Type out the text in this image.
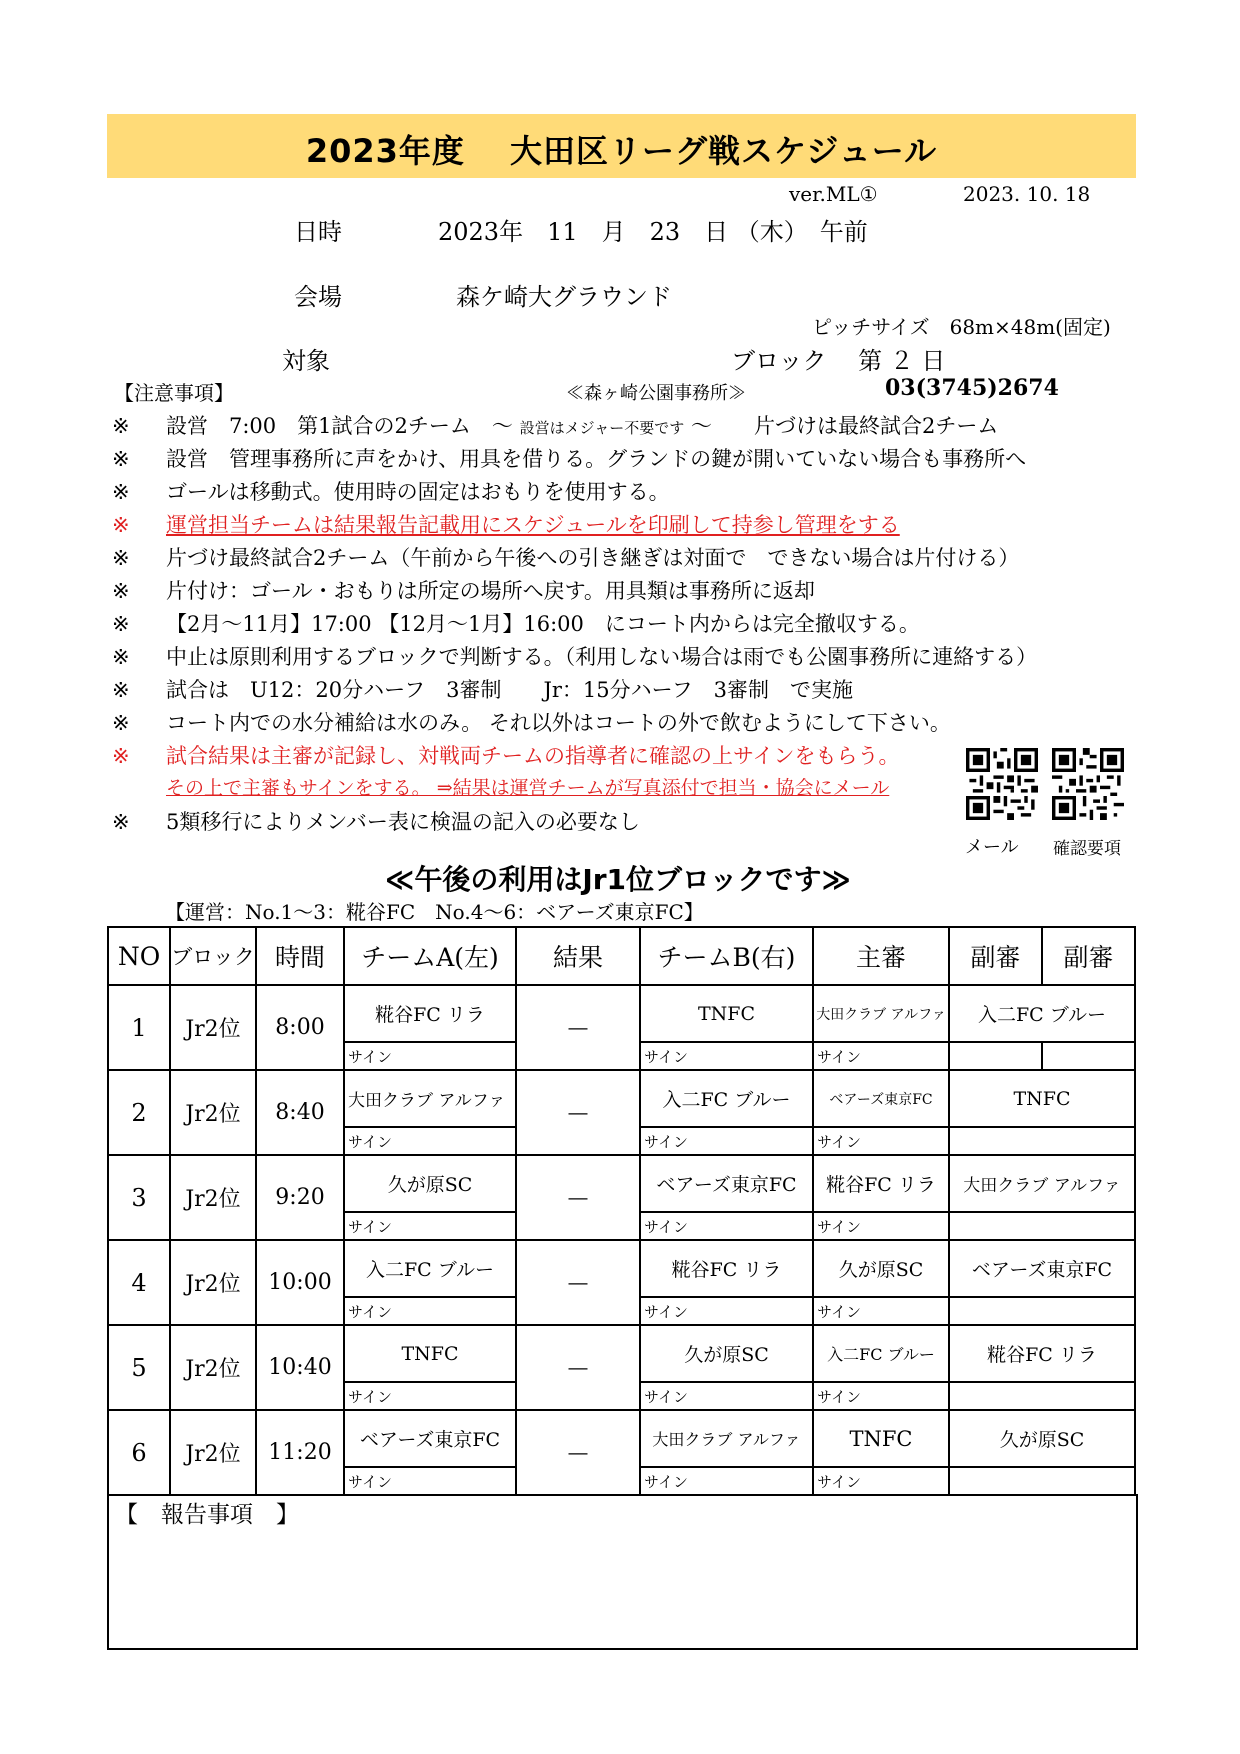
2023年度　 大田区リーグ戦スケジュール
ver.ML①	2023. 10. 18
日時	2023年　11　月　23　日 （木）　午前
会場	森ケ崎大グラウンド
ピッチサイズ　68m×48m(固定)
対象	ブロック　 第 ２ 日
【注意事項】	≪森ヶ崎公園事務所≫	03(3745)2674
※ 設営　7:00　第1試合の2チーム　～ 設営はメジャー不要です ～　　片づけは最終試合2チーム
※ 設営　管理事務所に声をかけ、用具を借りる。グランドの鍵が開いていない場合も事務所へ
※ ゴールは移動式。使用時の固定はおもりを使用する。
※ 運営担当チームは結果報告記載用にスケジュールを印刷して持参し管理をする
※ 片づけ最終試合2チーム（午前から午後への引き継ぎは対面で　できない場合は片付ける）
※ 片付け：ゴール・おもりは所定の場所へ戻す。用具類は事務所に返却
※ 【2月～11月】17:00 【12月～1月】16:00　にコート内からは完全撤収する。
※ 中止は原則利用するブロックで判断する。（利用しない場合は雨でも公園事務所に連絡する）
※ 試合は　U12：20分ハーフ　3審制　　Jr：15分ハーフ　3審制　で実施
※ コート内での水分補給は水のみ。 それ以外はコートの外で飲むようにして下さい。
※ 試合結果は主審が記録し、対戦両チームの指導者に確認の上サインをもらう。
その上で主審もサインをする。 ⇒結果は運営チームが写真添付で担当・協会にメール
※ 5類移行によりメンバー表に検温の記入の必要なし
メール 確認要項
≪午後の利用はJr1位ブロックです≫
【運営：No.1～3：糀谷FC　No.4～6：ベアーズ東京FC】
NO	ブロック	時間	チームA(左)	結果	チームB(右)	主審	副審	副審
1	Jr2位	8:00	糀谷FC リラ	―	TNFC	大田クラブ アルファ	入二FC ブルー	
			サイン		サイン	サイン		
2	Jr2位	8:40	大田クラブ アルファ	―	入二FC ブルー	ベアーズ東京FC	TNFC	
			サイン		サイン	サイン		
3	Jr2位	9:20	久が原SC	―	ベアーズ東京FC	糀谷FC リラ	大田クラブ アルファ	
			サイン		サイン	サイン		
4	Jr2位	10:00	入二FC ブルー	―	糀谷FC リラ	久が原SC	ベアーズ東京FC	
			サイン		サイン	サイン		
5	Jr2位	10:40	TNFC	―	久が原SC	入二FC ブルー	糀谷FC リラ	
			サイン		サイン	サイン		
6	Jr2位	11:20	ベアーズ東京FC	―	大田クラブ アルファ	TNFC	久が原SC	
			サイン		サイン	サイン		
【　報告事項　】
